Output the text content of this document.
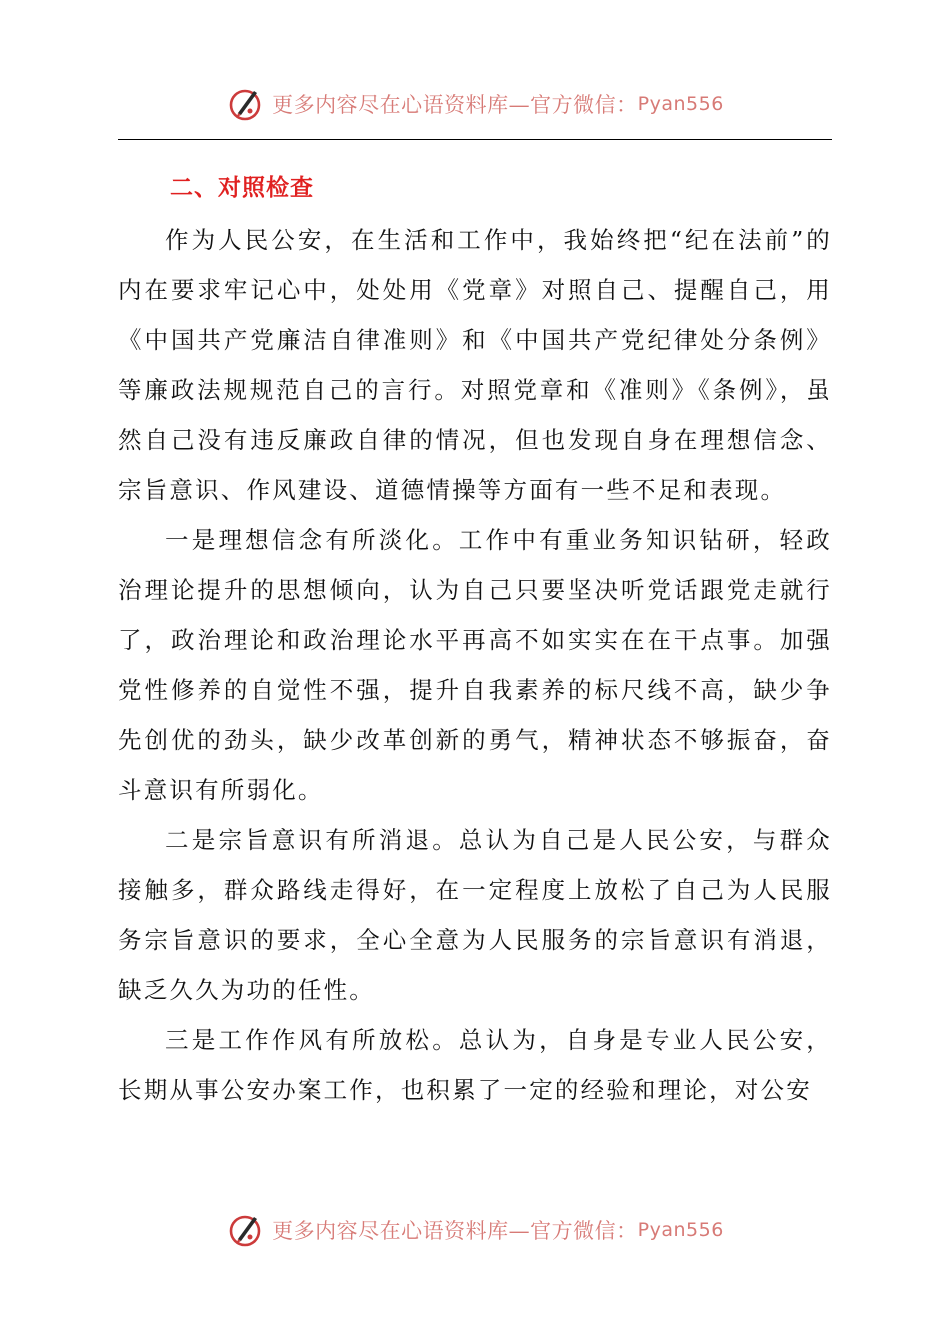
更多内容尽在心语资料库—官方微信： Pyan556
二、对照检查

作为人民公安，在生活和工作中，我始终把“纪在法前”的内在要求牢记心中，处处用《党章》对照自己、提醒自己，用《中国共产党廉洁自律准则》和《中国共产党纪律处分条例》等廉政法规规范自己的言行。对照党章和《准则》《条例》，虽然自己没有违反廉政自律的情况，但也发现自身在理想信念、宗旨意识、作风建设、道德情操等方面有一些不足和表现。

一是理想信念有所淡化。工作中有重业务知识钻研，轻政治理论提升的思想倾向，认为自己只要坚决听党话跟党走就行了，政治理论和政治理论水平再高不如实实在在干点事。加强党性修养的自觉性不强，提升自我素养的标尺线不高，缺少争先创优的劲头，缺少改革创新的勇气，精神状态不够振奋，奋斗意识有所弱化。

二是宗旨意识有所消退。总认为自己是人民公安，与群众接触多，群众路线走得好，在一定程度上放松了自己为人民服务宗旨意识的要求，全心全意为人民服务的宗旨意识有消退，缺乏久久为功的任性。

三是工作作风有所放松。总认为，自身是专业人民公安，长期从事公安办案工作，也积累了一定的经验和理论，对公安

更多内容尽在心语资料库—官方微信： Pyan556
